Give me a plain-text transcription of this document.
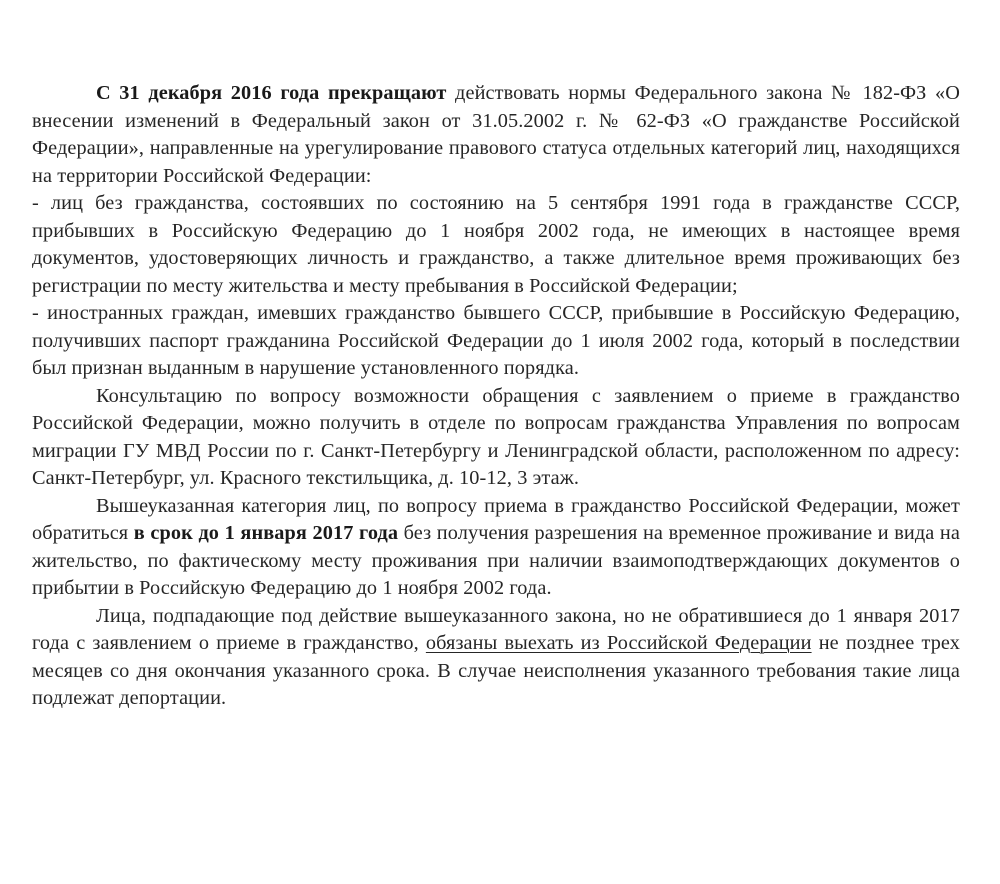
С 31 декабря 2016 года прекращают действовать нормы Федерального закона № 182-ФЗ «О внесении изменений в Федеральный закон от 31.05.2002 г. № 62-ФЗ «О гражданстве Российской Федерации», направленные на урегулирование правового статуса отдельных категорий лиц, находящихся на территории Российской Федерации:

- лиц без гражданства, состоявших по состоянию на 5 сентября 1991 года в гражданстве СССР, прибывших в Российскую Федерацию до 1 ноября 2002 года, не имеющих в настоящее время документов, удостоверяющих личность и гражданство, а также длительное время проживающих без регистрации по месту жительства и месту пребывания в Российской Федерации;

- иностранных граждан, имевших гражданство бывшего СССР, прибывшие в Российскую Федерацию, получивших паспорт гражданина Российской Федерации до 1 июля 2002 года, который в последствии был признан выданным в нарушение установленного порядка.

Консультацию по вопросу возможности обращения с заявлением о приеме в гражданство Российской Федерации, можно получить в отделе по вопросам гражданства Управления по вопросам миграции ГУ МВД России по г. Санкт-Петербургу и Ленинградской области, расположенном по адресу: Санкт-Петербург, ул. Красного текстильщика, д. 10-12, 3 этаж.

Вышеуказанная категория лиц, по вопросу приема в гражданство Российской Федерации, может обратиться в срок до 1 января 2017 года без получения разрешения на временное проживание и вида на жительство, по фактическому месту проживания при наличии взаимоподтверждающих документов о прибытии в Российскую Федерацию до 1 ноября 2002 года.

Лица, подпадающие под действие вышеуказанного закона, но не обратившиеся до 1 января 2017 года с заявлением о приеме в гражданство, обязаны выехать из Российской Федерации не позднее трех месяцев со дня окончания указанного срока. В случае неисполнения указанного требования такие лица подлежат депортации.
